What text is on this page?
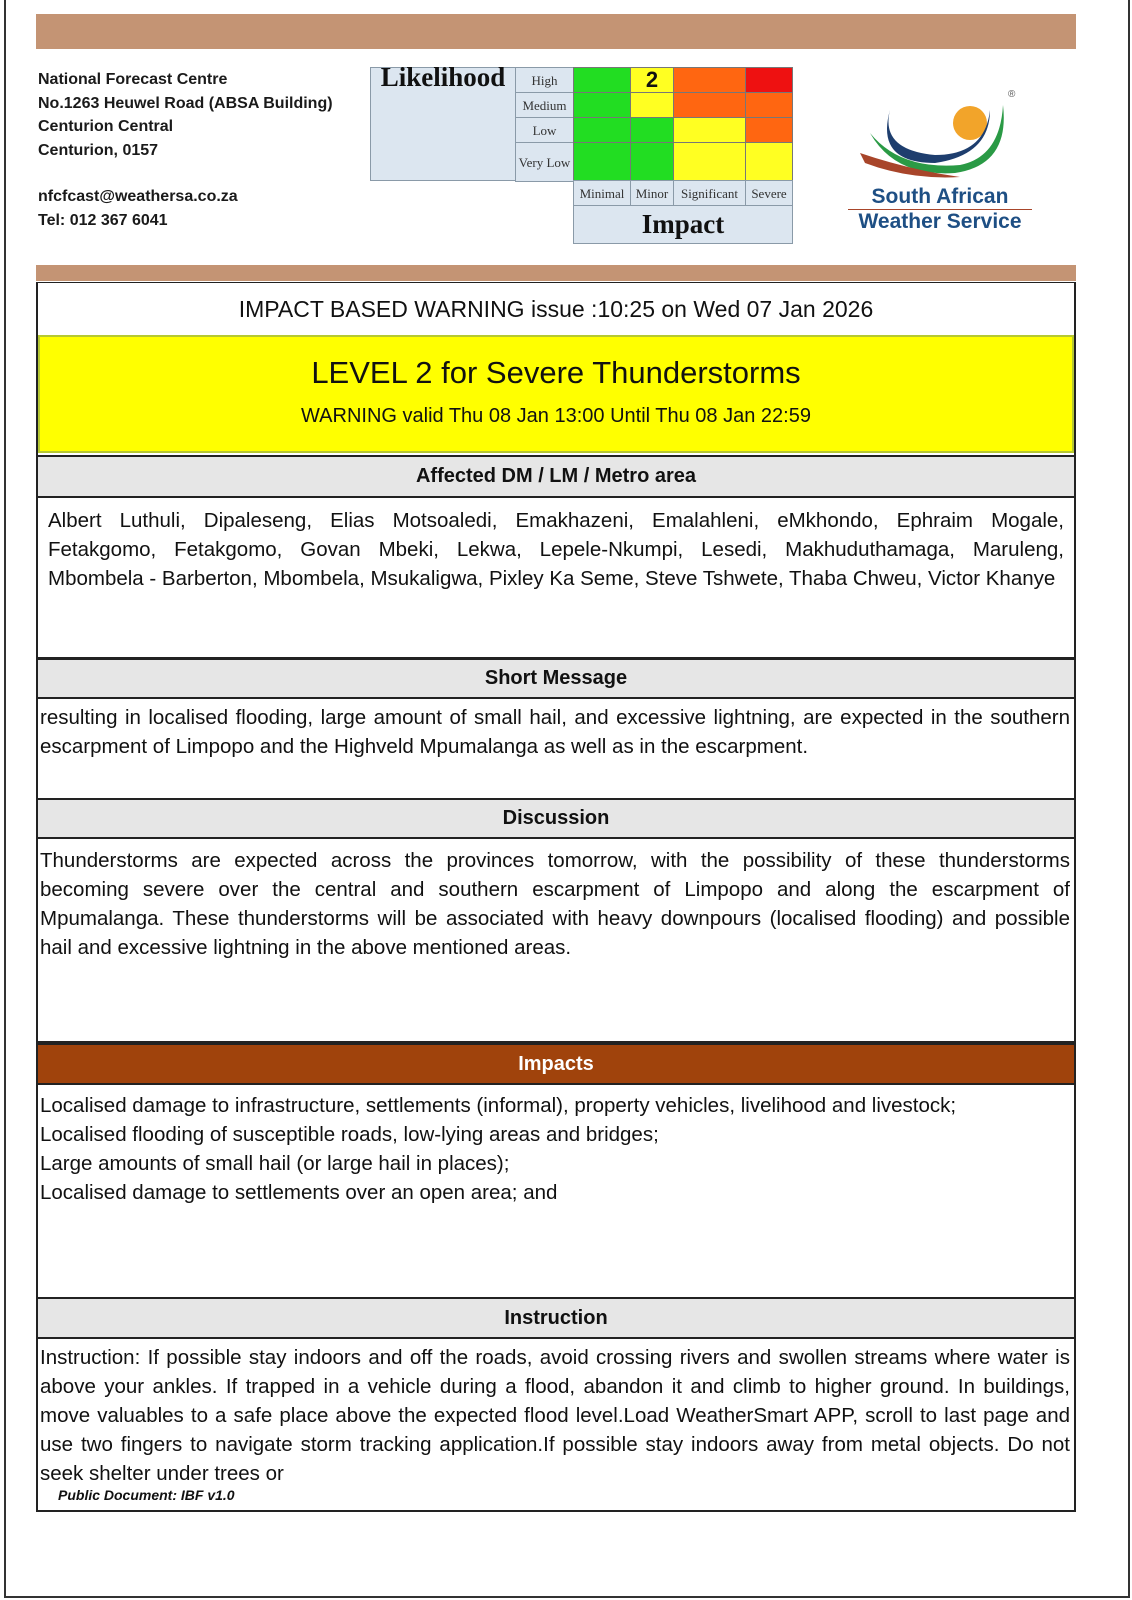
National Forecast Centre
No.1263 Heuwel Road (ABSA Building)
Centurion Central
Centurion, 0157
nfcfcast@weathersa.co.za
Tel: 012 367 6041
Likelihood
Impact
High	2
Medium
Low
Very Low
Minimal Minor Significant	Severe
®
South African
Weather Service
IMPACT BASED WARNING issue :10:25 on Wed 07 Jan 2026
LEVEL 2 for Severe Thunderstorms
WARNING valid Thu 08 Jan 13:00 Until Thu 08 Jan 22:59
Affected DM / LM / Metro area
Albert Luthuli, Dipaleseng, Elias Motsoaledi, Emakhazeni, Emalahleni, eMkhondo, Ephraim Mogale, Fetakgomo, Fetakgomo, Govan Mbeki, Lekwa, Lepele-Nkumpi, Lesedi, Makhuduthamaga, Maruleng, Mbombela - Barberton, Mbombela, Msukaligwa, Pixley Ka Seme, Steve Tshwete, Thaba Chweu, Victor Khanye
Short Message
resulting in localised flooding, large amount of small hail, and excessive lightning, are expected in the southern escarpment of Limpopo and the Highveld Mpumalanga as well as in the escarpment.
Discussion
Thunderstorms are expected across the provinces tomorrow, with the possibility of these thunderstorms becoming severe over the central and southern escarpment of Limpopo and along the escarpment of Mpumalanga. These thunderstorms will be associated with heavy downpours (localised flooding) and possible hail and excessive lightning in the above mentioned areas.
Impacts
Localised damage to infrastructure, settlements (informal), property vehicles, livelihood and livestock;
Localised flooding of susceptible roads, low-lying areas and bridges;
Large amounts of small hail (or large hail in places);
Localised damage to settlements over an open area; and
Instruction
Instruction: If possible stay indoors and off the roads, avoid crossing rivers and swollen streams where water is above your ankles. If trapped in a vehicle during a flood, abandon it and climb to higher ground. In buildings, move valuables to a safe place above the expected flood level.Load WeatherSmart APP, scroll to last page and use two fingers to navigate storm tracking application.If possible stay indoors away from metal objects. Do not seek shelter under trees or
Public Document: IBF v1.0
